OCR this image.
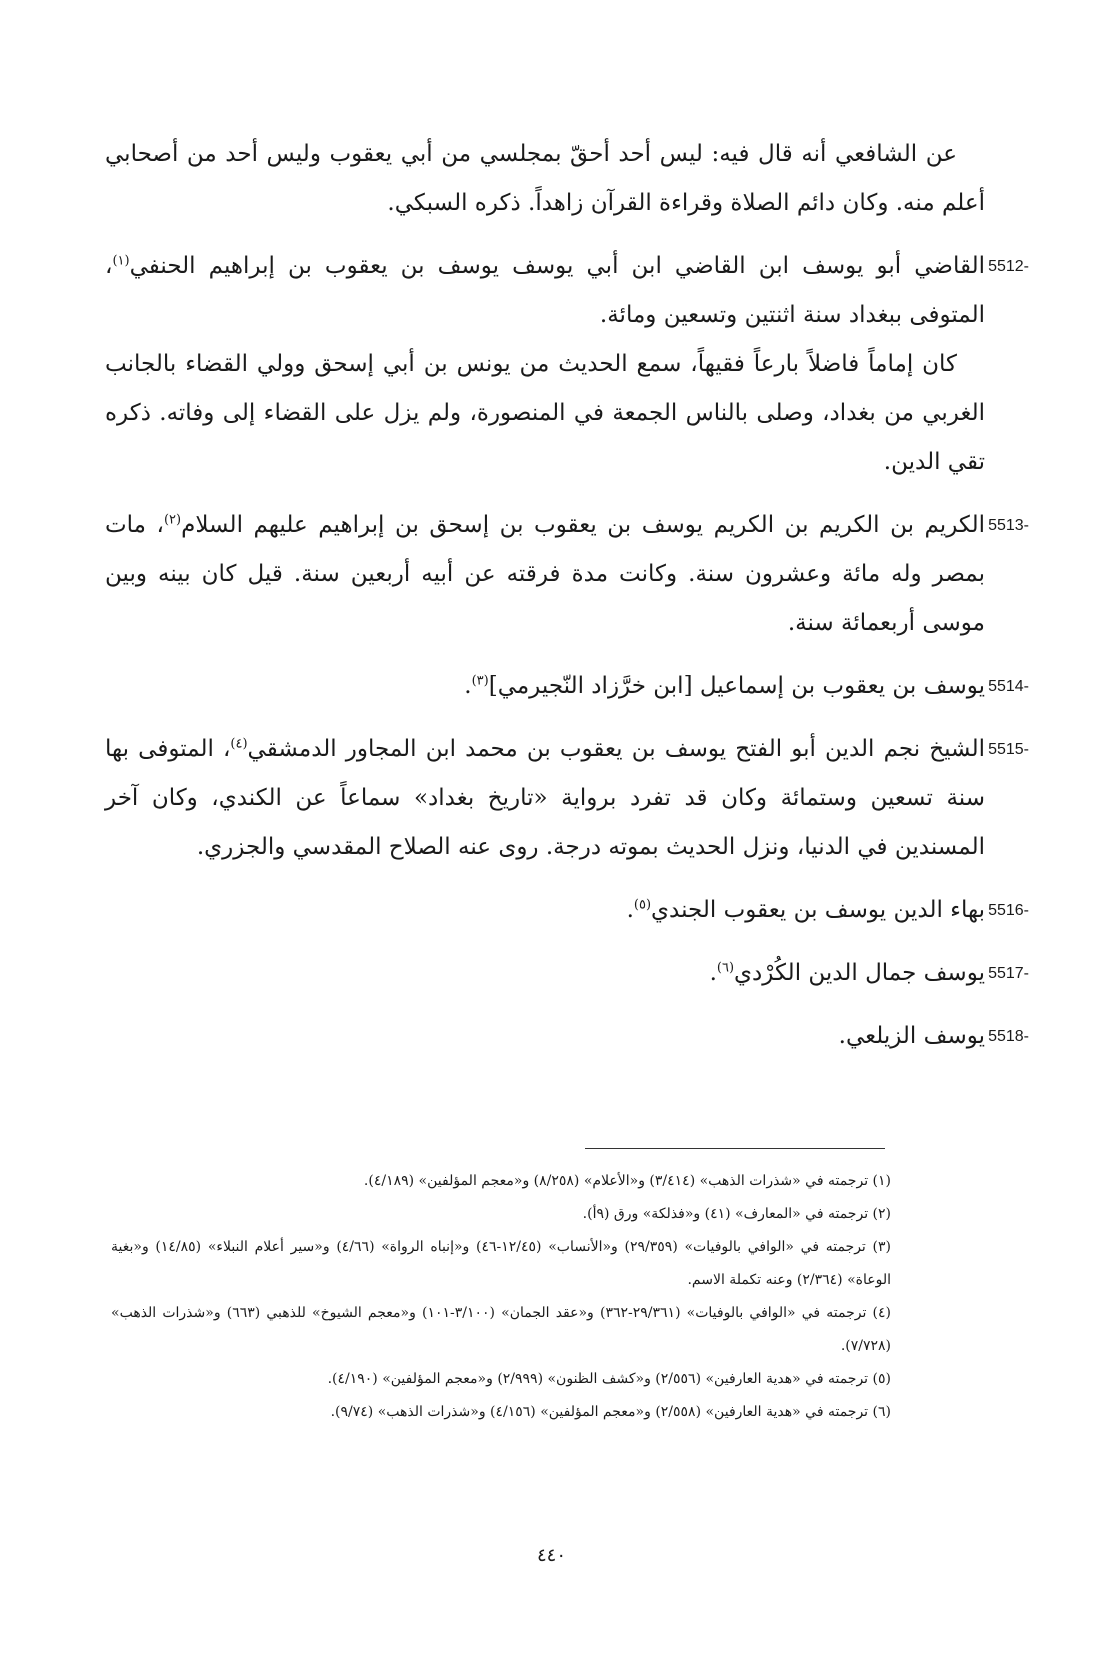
عن الشافعي أنه قال فيه: ليس أحد أحقّ بمجلسي من أبي يعقوب وليس أحد من أصحابي أعلم منه. وكان دائم الصلاة وقراءة القرآن زاهداً. ذكره السبكي.

5512-

القاضي أبو يوسف ابن القاضي ابن أبي يوسف يوسف بن يعقوب بن إبراهيم الحنفي$^{(١)}$، المتوفى ببغداد سنة اثنتين وتسعين ومائة.

كان إماماً فاضلاً بارعاً فقيهاً، سمع الحديث من يونس بن أبي إسحق وولي القضاء بالجانب الغربي من بغداد، وصلى بالناس الجمعة في المنصورة، ولم يزل على القضاء إلى وفاته. ذكره تقي الدين.

5513-

الكريم بن الكريم بن الكريم يوسف بن يعقوب بن إسحق بن إبراهيم عليهم السلام$^{(٢)}$، مات بمصر وله مائة وعشرون سنة. وكانت مدة فرقته عن أبيه أربعين سنة. قيل كان بينه وبين موسى أربعمائة سنة.

5514-

يوسف بن يعقوب بن إسماعيل [ابن خرَّزاد النّجيرمي]$^{(٣)}$.

5515-

الشيخ نجم الدين أبو الفتح يوسف بن يعقوب بن محمد ابن المجاور الدمشقي$^{(٤)}$، المتوفى بها سنة تسعين وستمائة وكان قد تفرد برواية «تاريخ بغداد» سماعاً عن الكندي، وكان آخر المسندين في الدنيا، ونزل الحديث بموته درجة. روى عنه الصلاح المقدسي والجزري.

5516-

بهاء الدين يوسف بن يعقوب الجندي$^{(٥)}$.

5517-

يوسف جمال الدين الكُرْدي$^{(٦)}$.

5518-

يوسف الزيلعي.

(١) ترجمته في «شذرات الذهب» (٣/٤١٤) و«الأعلام» (٨/٢٥٨) و«معجم المؤلفين» (٤/١٨٩).

(٢) ترجمته في «المعارف» (٤١) و«فذلكة» ورق (٩أ).

(٣) ترجمته في «الوافي بالوفيات» (٢٩/٣٥٩) و«الأنساب» (١٢/٤٥-٤٦) و«إنباه الرواة» (٤/٦٦) و«سير أعلام النبلاء» (١٤/٨٥) و«بغية الوعاة» (٢/٣٦٤) وعنه تكملة الاسم.

(٤) ترجمته في «الوافي بالوفيات» (٢٩/٣٦١-٣٦٢) و«عقد الجمان» (٣/١٠٠-١٠١) و«معجم الشيوخ» للذهبي (٦٦٣) و«شذرات الذهب» (٧/٧٢٨).

(٥) ترجمته في «هدية العارفين» (٢/٥٥٦) و«كشف الظنون» (٢/٩٩٩) و«معجم المؤلفين» (٤/١٩٠).

(٦) ترجمته في «هدية العارفين» (٢/٥٥٨) و«معجم المؤلفين» (٤/١٥٦) و«شذرات الذهب» (٩/٧٤).

٤٤٠
